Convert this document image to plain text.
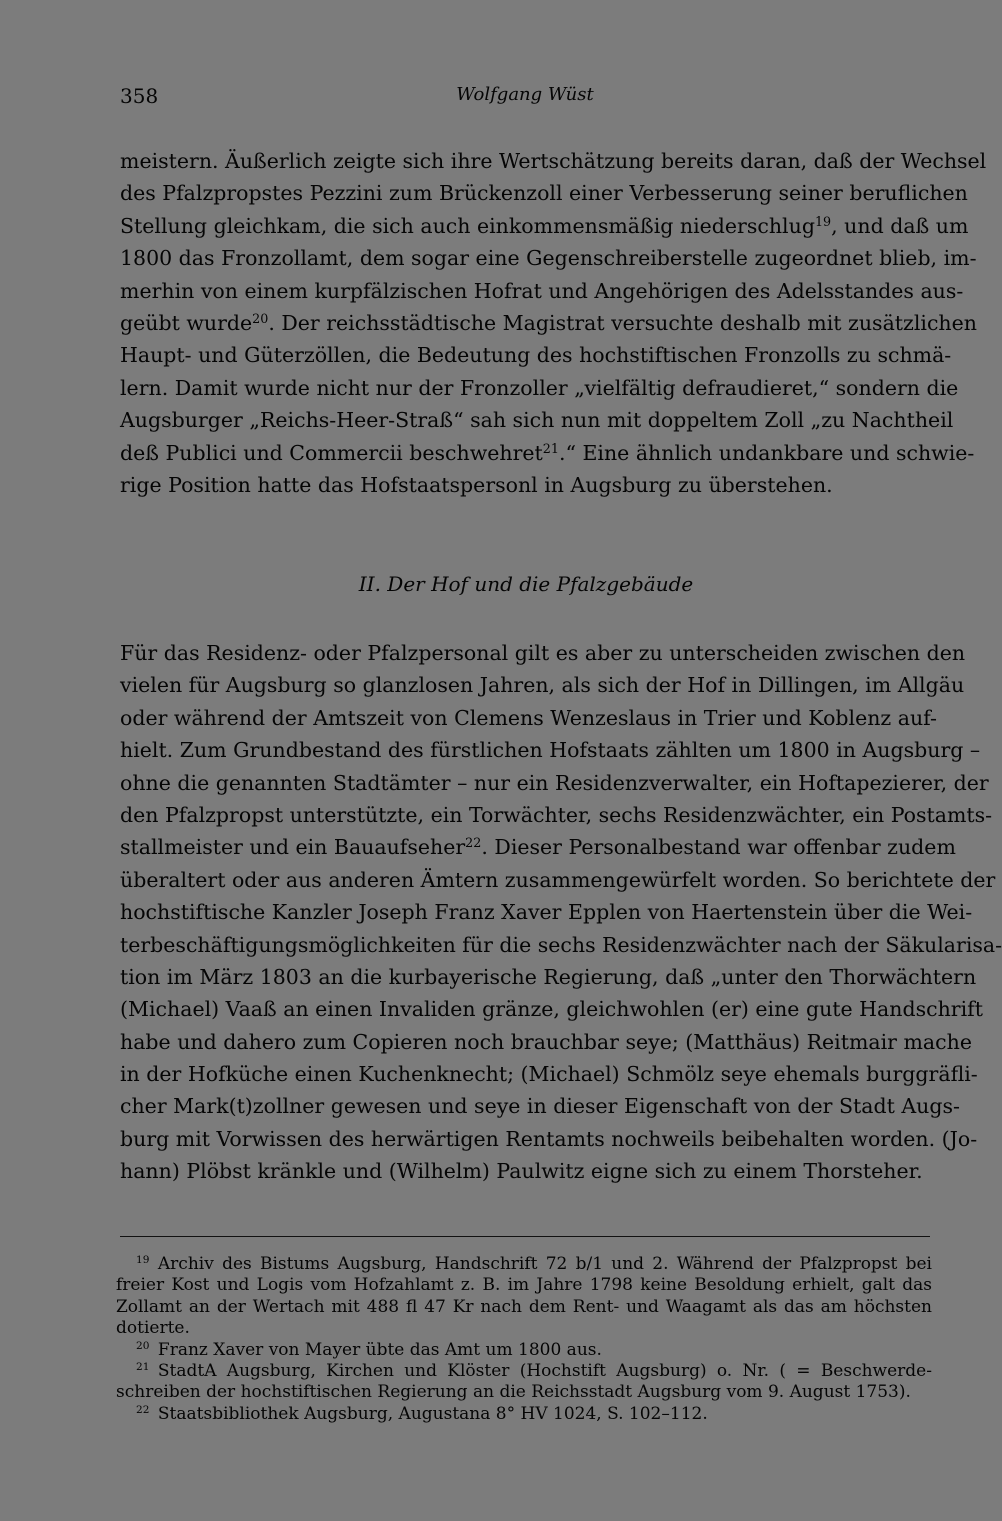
358	Wolfgang Wüst
meistern. Äußerlich zeigte sich ihre Wertschätzung bereits daran, daß der Wechsel
des Pfalzpropstes Pezzini zum Brückenzoll einer Verbesserung seiner beruflichen
Stellung gleichkam, die sich auch einkommensmäßig niederschlug$^{19}$, und daß um
1800 das Fronzollamt, dem sogar eine Gegenschreiberstelle zugeordnet blieb, im-
merhin von einem kurpfälzischen Hofrat und Angehörigen des Adelsstandes aus-
geübt wurde$^{20}$. Der reichsstädtische Magistrat versuchte deshalb mit zusätzlichen
Haupt- und Güterzöllen, die Bedeutung des hochstiftischen Fronzolls zu schmä-
lern. Damit wurde nicht nur der Fronzoller „vielfältig defraudieret,“ sondern die
Augsburger „Reichs-Heer-Straß“ sah sich nun mit doppeltem Zoll „zu Nachtheil
deß Publici und Commercii beschwehret$^{21}$.“ Eine ähnlich undankbare und schwie-
rige Position hatte das Hofstaatspersonl in Augsburg zu überstehen.
II. Der Hof und die Pfalzgebäude
Für das Residenz- oder Pfalzpersonal gilt es aber zu unterscheiden zwischen den
vielen für Augsburg so glanzlosen Jahren, als sich der Hof in Dillingen, im Allgäu
oder während der Amtszeit von Clemens Wenzeslaus in Trier und Koblenz auf-
hielt. Zum Grundbestand des fürstlichen Hofstaats zählten um 1800 in Augsburg –
ohne die genannten Stadtämter – nur ein Residenzverwalter, ein Hoftapezierer, der
den Pfalzpropst unterstützte, ein Torwächter, sechs Residenzwächter, ein Postamts-
stallmeister und ein Bauaufseher$^{22}$. Dieser Personalbestand war offenbar zudem
überaltert oder aus anderen Ämtern zusammengewürfelt worden. So berichtete der
hochstiftische Kanzler Joseph Franz Xaver Epplen von Haertenstein über die Wei-
terbeschäftigungsmöglichkeiten für die sechs Residenzwächter nach der Säkularisa-
tion im März 1803 an die kurbayerische Regierung, daß „unter den Thorwächtern
(Michael) Vaaß an einen Invaliden gränze, gleichwohlen (er) eine gute Handschrift
habe und dahero zum Copieren noch brauchbar seye; (Matthäus) Reitmair mache
in der Hofküche einen Kuchenknecht; (Michael) Schmölz seye ehemals burggräfli-
cher Mark(t)zollner gewesen und seye in dieser Eigenschaft von der Stadt Augs-
burg mit Vorwissen des herwärtigen Rentamts nochweils beibehalten worden. (Jo-
hann) Plöbst kränkle und (Wilhelm) Paulwitz eigne sich zu einem Thorsteher.
$^{19}$  Archiv des Bistums Augsburg, Handschrift 72 b/1 und 2. Während der Pfalzpropst bei
freier Kost und Logis vom Hofzahlamt z. B. im Jahre 1798 keine Besoldung erhielt, galt das
Zollamt an der Wertach mit 488 fl 47 Kr nach dem Rent- und Waagamt als das am höchsten
dotierte.
$^{20}$  Franz Xaver von Mayer übte das Amt um 1800 aus.
$^{21}$  StadtA Augsburg, Kirchen und Klöster (Hochstift Augsburg) o. Nr. ( = Beschwerde-
schreiben der hochstiftischen Regierung an die Reichsstadt Augsburg vom 9. August 1753).
$^{22}$  Staatsbibliothek Augsburg, Augustana 8° HV 1024, S. 102–112.
